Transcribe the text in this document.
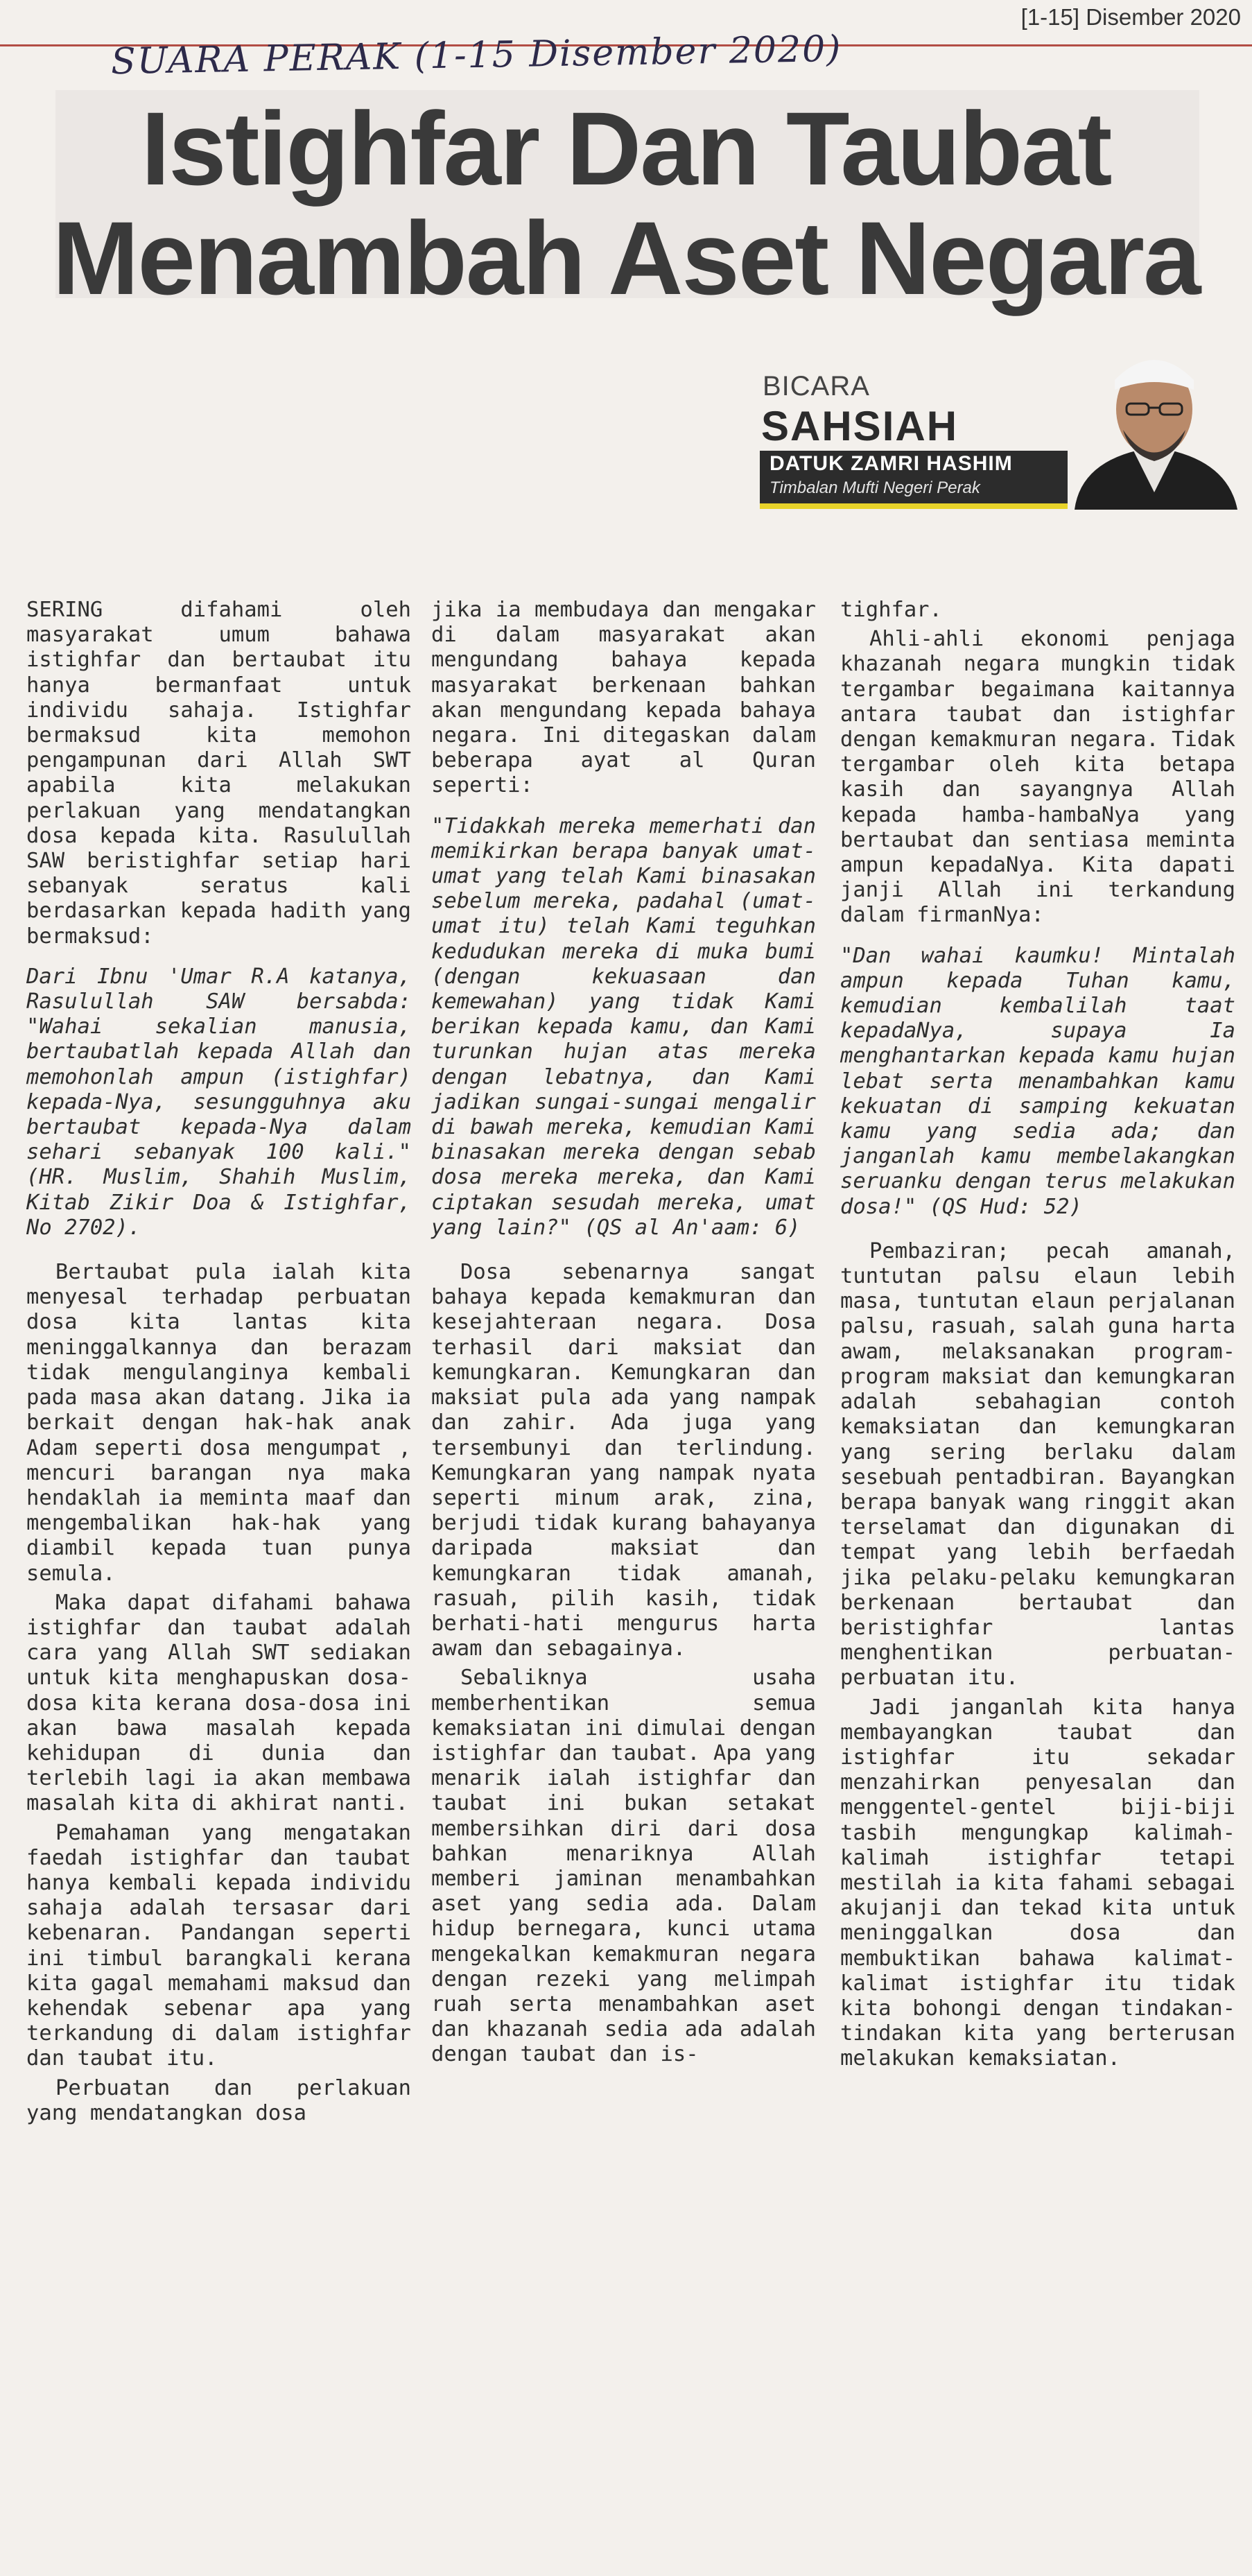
[1-15] Disember 2020
SUARA PERAK (1-15 Disember 2020)
Istighfar Dan Taubat
Menambah Aset Negara
BICARA
SAHSIAH
DATUK ZAMRI HASHIM
Timbalan Mufti Negeri Perak

SERING difahami oleh masyarakat umum bahawa istighfar dan bertaubat itu hanya bermanfaat untuk individu sahaja. Istighfar bermaksud kita memohon pengampunan dari Allah SWT apabila kita melakukan perlakuan yang mendatangkan dosa kepada kita. Rasulullah SAW beristighfar setiap hari sebanyak seratus kali berdasarkan kepada hadith yang bermaksud:

Dari Ibnu 'Umar R.A katanya, Rasulullah SAW bersabda: "Wahai sekalian manusia, bertaubatlah kepada Allah dan memohonlah ampun (istighfar) kepada-Nya, sesungguhnya aku bertaubat kepada-Nya dalam sehari sebanyak 100 kali." (HR. Muslim, Shahih Muslim, Kitab Zikir Doa & Istighfar, No 2702).

Bertaubat pula ialah kita menyesal terhadap perbuatan dosa kita lantas kita meninggalkannya dan berazam tidak mengulanginya kembali pada masa akan datang. Jika ia berkait dengan hak-hak anak Adam seperti dosa mengumpat , mencuri barangan nya maka hendaklah ia meminta maaf dan mengembalikan hak-hak yang diambil kepada tuan punya semula.

Maka dapat difahami bahawa istighfar dan taubat adalah cara yang Allah SWT sediakan untuk kita menghapuskan dosa-dosa kita kerana dosa-dosa ini akan bawa masalah kepada kehidupan di dunia dan terlebih lagi ia akan membawa masalah kita di akhirat nanti.

Pemahaman yang mengatakan faedah istighfar dan taubat hanya kembali kepada individu sahaja adalah tersasar dari kebenaran. Pandangan seperti ini timbul barangkali kerana kita gagal memahami maksud dan kehendak sebenar apa yang terkandung di dalam istighfar dan taubat itu.

Perbuatan dan perlakuan yang mendatangkan dosa

jika ia membudaya dan mengakar di dalam masyarakat akan mengundang bahaya kepada masyarakat berkenaan bahkan akan mengundang kepada bahaya negara. Ini ditegaskan dalam beberapa ayat al Quran seperti:

"Tidakkah mereka memerhati dan memikirkan berapa banyak umat-umat yang telah Kami binasakan sebelum mereka, padahal (umat-umat itu) telah Kami teguhkan kedudukan mereka di muka bumi (dengan kekuasaan dan kemewahan) yang tidak Kami berikan kepada kamu, dan Kami turunkan hujan atas mereka dengan lebatnya, dan Kami jadikan sungai-sungai mengalir di bawah mereka, kemudian Kami binasakan mereka dengan sebab dosa mereka mereka, dan Kami ciptakan sesudah mereka, umat yang lain?" (QS al An'aam: 6)

Dosa sebenarnya sangat bahaya kepada kemakmuran dan kesejahteraan negara. Dosa terhasil dari maksiat dan kemungkaran. Kemungkaran dan maksiat pula ada yang nampak dan zahir. Ada juga yang tersembunyi dan terlindung. Kemungkaran yang nampak nyata seperti minum arak, zina, berjudi tidak kurang bahayanya daripada maksiat dan kemungkaran tidak amanah, rasuah, pilih kasih, tidak berhati-hati mengurus harta awam dan sebagainya.

Sebaliknya usaha memberhentikan semua kemaksiatan ini dimulai dengan istighfar dan taubat. Apa yang menarik ialah istighfar dan taubat ini bukan setakat membersihkan diri dari dosa bahkan menariknya Allah memberi jaminan menambahkan aset yang sedia ada. Dalam hidup bernegara, kunci utama mengekalkan kemakmuran negara dengan rezeki yang melimpah ruah serta menambahkan aset dan khazanah sedia ada adalah dengan taubat dan is-

tighfar.

Ahli-ahli ekonomi penjaga khazanah negara mungkin tidak tergambar begaimana kaitannya antara taubat dan istighfar dengan kemakmuran negara. Tidak tergambar oleh kita betapa kasih dan sayangnya Allah kepada hamba-hambaNya yang bertaubat dan sentiasa meminta ampun kepadaNya. Kita dapati janji Allah ini terkandung dalam firmanNya:

"Dan wahai kaumku! Mintalah ampun kepada Tuhan kamu, kemudian kembalilah taat kepadaNya, supaya Ia menghantarkan kepada kamu hujan lebat serta menambahkan kamu kekuatan di samping kekuatan kamu yang sedia ada; dan janganlah kamu membelakangkan seruanku dengan terus melakukan dosa!" (QS Hud: 52)

Pembaziran; pecah amanah, tuntutan palsu elaun lebih masa, tuntutan elaun perjalanan palsu, rasuah, salah guna harta awam, melaksanakan program-program maksiat dan kemungkaran adalah sebahagian contoh kemaksiatan dan kemungkaran yang sering berlaku dalam sesebuah pentadbiran. Bayangkan berapa banyak wang ringgit akan terselamat dan digunakan di tempat yang lebih berfaedah jika pelaku-pelaku kemungkaran berkenaan bertaubat dan beristighfar lantas menghentikan perbuatan-perbuatan itu.

Jadi janganlah kita hanya membayangkan taubat dan istighfar itu sekadar menzahirkan penyesalan dan menggentel-gentel biji-biji tasbih mengungkap kalimah-kalimah istighfar tetapi mestilah ia kita fahami sebagai akujanji dan tekad kita untuk meninggalkan dosa dan membuktikan bahawa kalimat-kalimat istighfar itu tidak kita bohongi dengan tindakan-tindakan kita yang berterusan melakukan kemaksiatan.
